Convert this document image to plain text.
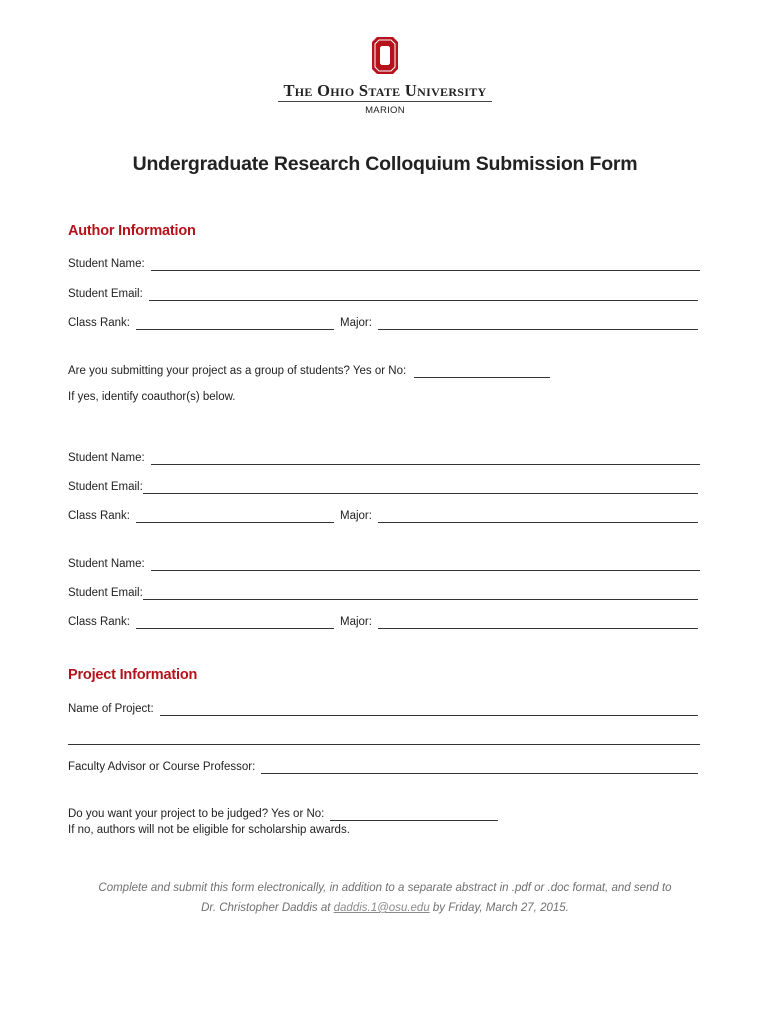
The Ohio State University
MARION
Undergraduate Research Colloquium Submission Form
Author Information
Student Name:
Student Email:
Class Rank:	Major:
Are you submitting your project as a group of students? Yes or No:
If yes, identify coauthor(s) below.
Student Name:
Student Email:
Class Rank:	Major:
Student Name:
Student Email:
Class Rank:	Major:
Project Information
Name of Project:
Faculty Advisor or Course Professor:
Do you want your project to be judged? Yes or No:
If no, authors will not be eligible for scholarship awards.
Complete and submit this form electronically, in addition to a separate abstract in .pdf or .doc format, and send to
Dr. Christopher Daddis at daddis.1@osu.edu by Friday, March 27, 2015.
